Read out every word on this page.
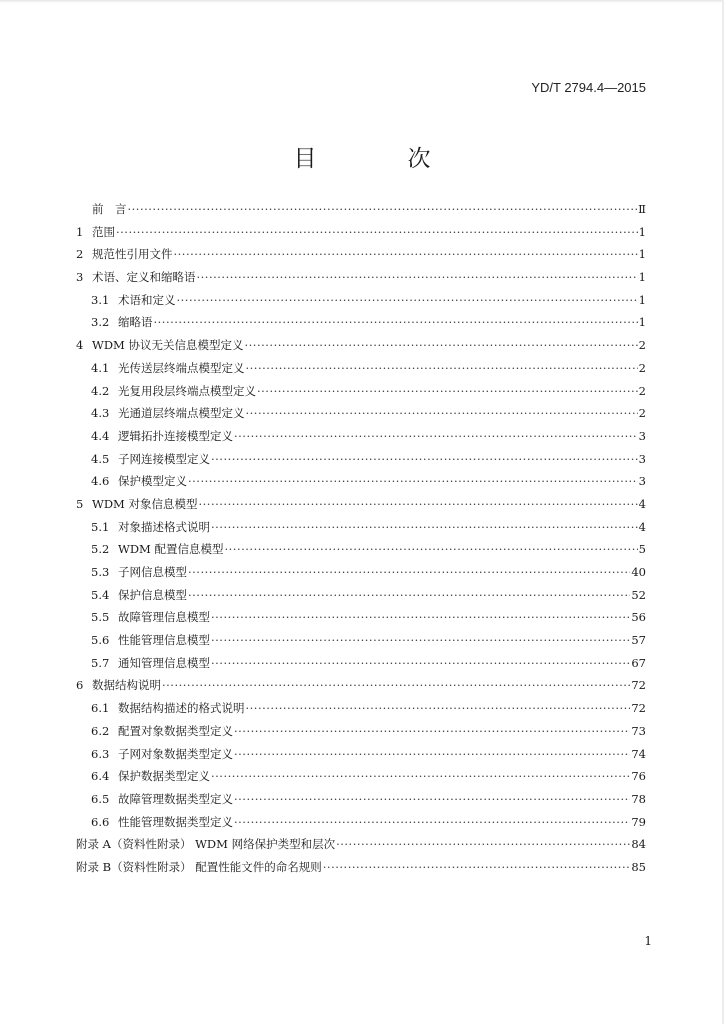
YD/T 2794.4—2015
目　次
前　言 ·····	Ⅱ
1 范围 ·····	1
2 规范性引用文件 ·····	1
3 术语、定义和缩略语 ·····	1
3.1 术语和定义 ·····	1
3.2 缩略语 ·····	1
4 WDM 协议无关信息模型定义 ·····	2
4.1 光传送层终端点模型定义 ·····	2
4.2 光复用段层终端点模型定义 ·····	2
4.3 光通道层终端点模型定义 ·····	2
4.4 逻辑拓扑连接模型定义 ·····	3
4.5 子网连接模型定义 ·····	3
4.6 保护模型定义 ·····	3
5 WDM 对象信息模型 ·····	4
5.1 对象描述格式说明 ·····	4
5.2 WDM 配置信息模型 ·····	5
5.3 子网信息模型 ·····	40
5.4 保护信息模型 ·····	52
5.5 故障管理信息模型 ·····	56
5.6 性能管理信息模型 ·····	57
5.7 通知管理信息模型 ·····	67
6 数据结构说明 ·····	72
6.1 数据结构描述的格式说明 ·····	72
6.2 配置对象数据类型定义 ·····	73
6.3 子网对象数据类型定义 ·····	74
6.4 保护数据类型定义 ·····	76
6.5 故障管理数据类型定义 ·····	78
6.6 性能管理数据类型定义 ·····	79
附录 A（资料性附录） WDM 网络保护类型和层次 ·····	84
附录 B（资料性附录） 配置性能文件的命名规则 ·····	85
1
